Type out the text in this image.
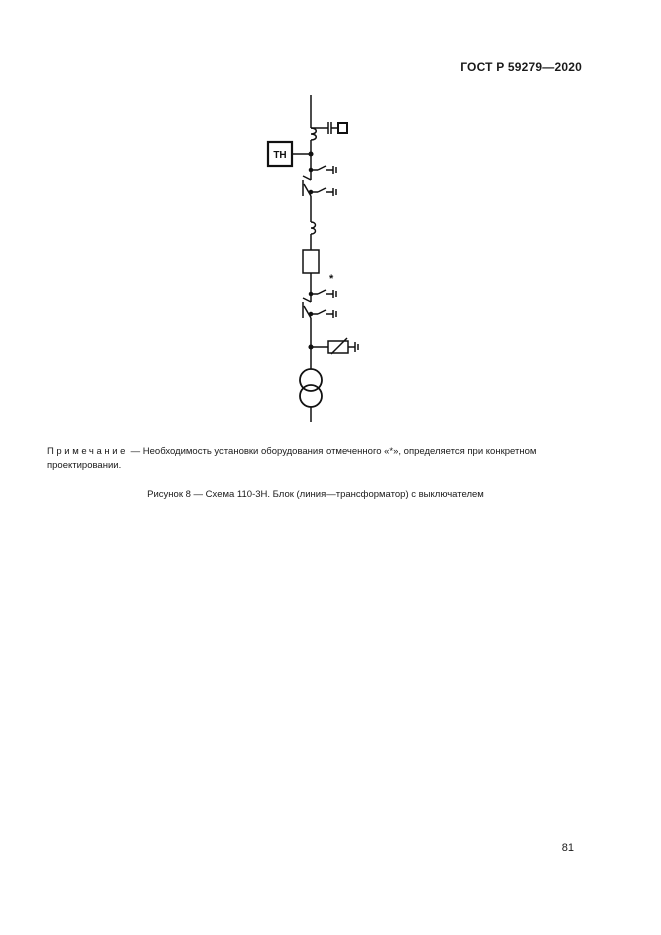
ГОСТ Р 59279—2020
ТН
*
Примечание — Необходимость установки оборудования отмеченного «*», определяется при конкретном проектировании.
Рисунок 8 — Схема 110-3Н. Блок (линия—трансформатор) с выключателем
81
